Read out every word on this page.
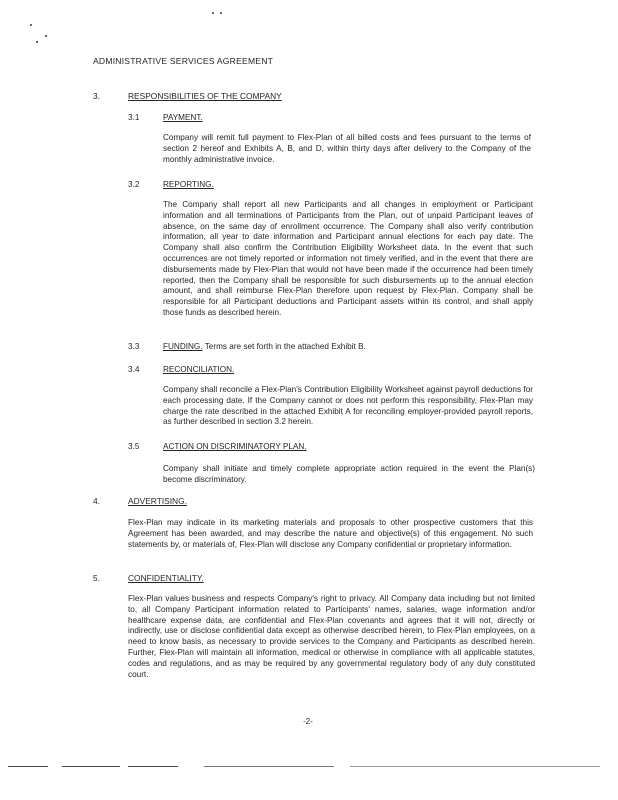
ADMINISTRATIVE SERVICES AGREEMENT
3.	RESPONSIBILITIES OF THE COMPANY
3.1	PAYMENT.
Company will remit full payment to Flex-Plan of all billed costs and fees pursuant to the terms of section 2 hereof and Exhibits A, B, and D, within thirty days after delivery to the Company of the monthly administrative invoice.
3.2	REPORTING.
The Company shall report all new Participants and all changes in employment or Participant information and all terminations of Participants from the Plan, out of unpaid Participant leaves of absence, on the same day of enrollment occurrence. The Company shall also verify contribution information, all year to date information and Participant annual elections for each pay date. The Company shall also confirm the Contribution Eligibility Worksheet data. In the event that such occurrences are not timely reported or information not timely verified, and in the event that there are disbursements made by Flex-Plan that would not have been made if the occurrence had been timely reported, then the Company shall be responsible for such disbursements up to the annual election amount, and shall reimburse Flex-Plan therefore upon request by Flex-Plan. Company shall be responsible for all Participant deductions and Participant assets within its control, and shall apply those funds as described herein.
3.3	FUNDING. Terms are set forth in the attached Exhibit B.
3.4	RECONCILIATION.
Company shall reconcile a Flex-Plan's Contribution Eligibility Worksheet against payroll deductions for each processing date. If the Company cannot or does not perform this responsibility, Flex-Plan may charge the rate described in the attached Exhibit A for reconciling employer-provided payroll reports, as further described in section 3.2 herein.
3.5	ACTION ON DISCRIMINATORY PLAN.
Company shall initiate and timely complete appropriate action required in the event the Plan(s) become discriminatory.
4.	ADVERTISING.
Flex-Plan may indicate in its marketing materials and proposals to other prospective customers that this Agreement has been awarded, and may describe the nature and objective(s) of this engagement. No such statements by, or materials of, Flex-Plan will disclose any Company confidential or proprietary information.
5.	CONFIDENTIALITY.
Flex-Plan values business and respects Company's right to privacy. All Company data including but not limited to, all Company Participant information related to Participants' names, salaries, wage information and/or healthcare expense data, are confidential and Flex-Plan covenants and agrees that it will not, directly or indirectly, use or disclose confidential data except as otherwise described herein, to Flex-Plan employees, on a need to know basis, as necessary to provide services to the Company and Participants as described herein. Further, Flex-Plan will maintain all information, medical or otherwise in compliance with all applicable statutes, codes and regulations, and as may be required by any governmental regulatory body of any duly constituted court.
-2-
